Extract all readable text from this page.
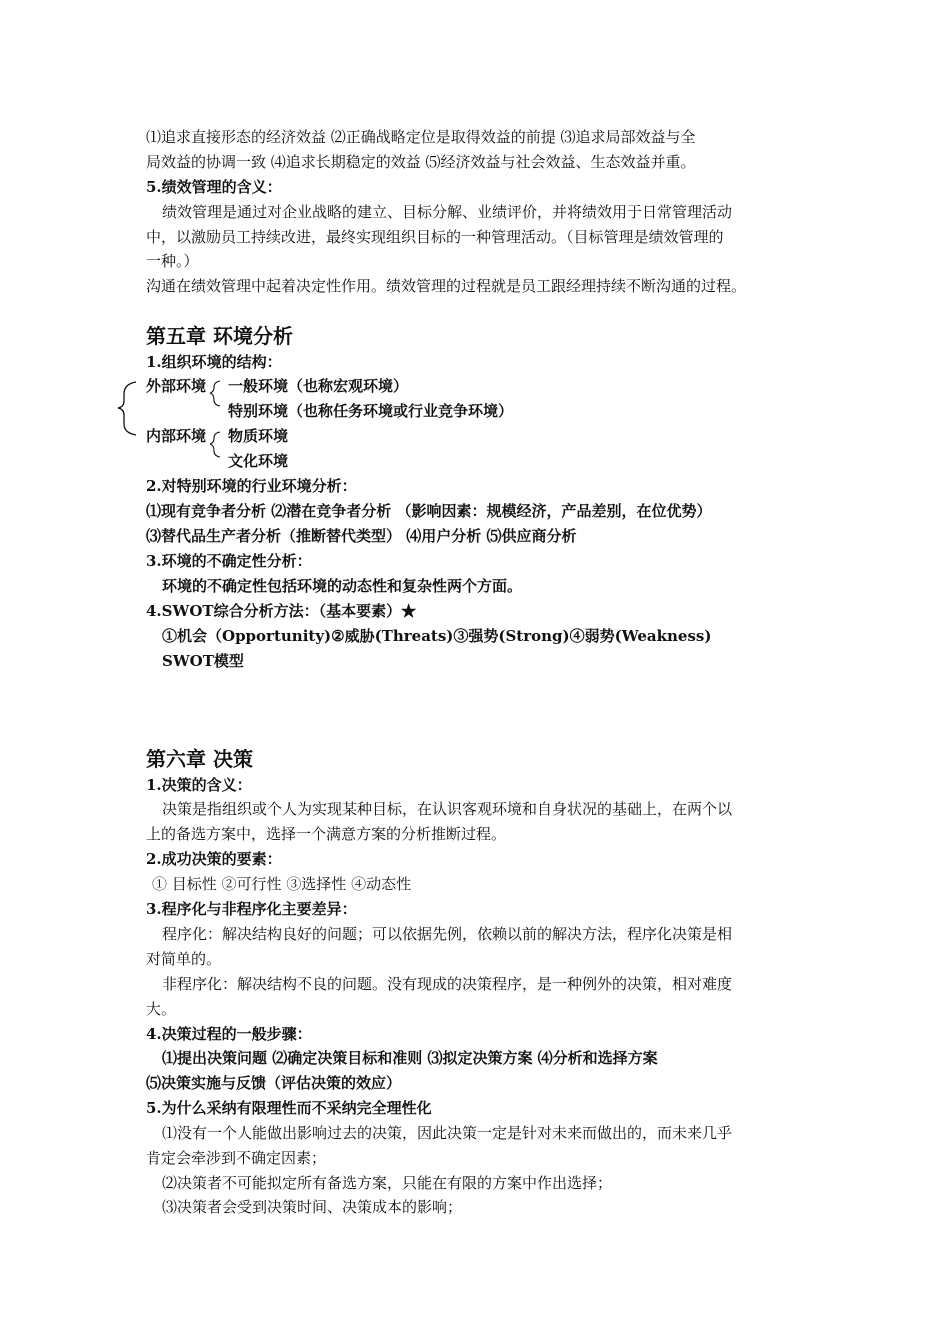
⑴追求直接形态的经济效益 ⑵正确战略定位是取得效益的前提 ⑶追求局部效益与全
局效益的协调一致 ⑷追求长期稳定的效益 ⑸经济效益与社会效益、生态效益并重。
5.绩效管理的含义：
绩效管理是通过对企业战略的建立、目标分解、业绩评价，并将绩效用于日常管理活动
中，以激励员工持续改进，最终实现组织目标的一种管理活动。（目标管理是绩效管理的
一种。）
沟通在绩效管理中起着决定性作用。绩效管理的过程就是员工跟经理持续不断沟通的过程。
第五章 环境分析
1.组织环境的结构：
外部环境 一般环境（也称宏观环境）
特别环境（也称任务环境或行业竞争环境）
内部环境 物质环境
文化环境
2.对特别环境的行业环境分析：
⑴现有竞争者分析 ⑵潜在竞争者分析 （影响因素：规模经济，产品差别，在位优势）
⑶替代品生产者分析（推断替代类型） ⑷用户分析 ⑸供应商分析
3.环境的不确定性分析：
环境的不确定性包括环境的动态性和复杂性两个方面。
4.SWOT综合分析方法：（基本要素）★
①机会（Opportunity)②威胁(Threats)③强势(Strong)④弱势(Weakness)
SWOT模型
第六章 决策
1.决策的含义：
决策是指组织或个人为实现某种目标，在认识客观环境和自身状况的基础上，在两个以
上的备选方案中，选择一个满意方案的分析推断过程。
2.成功决策的要素：
① 目标性 ②可行性 ③选择性 ④动态性
3.程序化与非程序化主要差异：
程序化：解决结构良好的问题；可以依据先例，依赖以前的解决方法，程序化决策是相
对简单的。
非程序化：解决结构不良的问题。没有现成的决策程序，是一种例外的决策，相对难度
大。
4.决策过程的一般步骤：
⑴提出决策问题 ⑵确定决策目标和准则 ⑶拟定决策方案 ⑷分析和选择方案
⑸决策实施与反馈（评估决策的效应）
5.为什么采纳有限理性而不采纳完全理性化
⑴没有一个人能做出影响过去的决策，因此决策一定是针对未来而做出的，而未来几乎
肯定会牵涉到不确定因素；
⑵决策者不可能拟定所有备选方案，只能在有限的方案中作出选择；
⑶决策者会受到决策时间、决策成本的影响；
